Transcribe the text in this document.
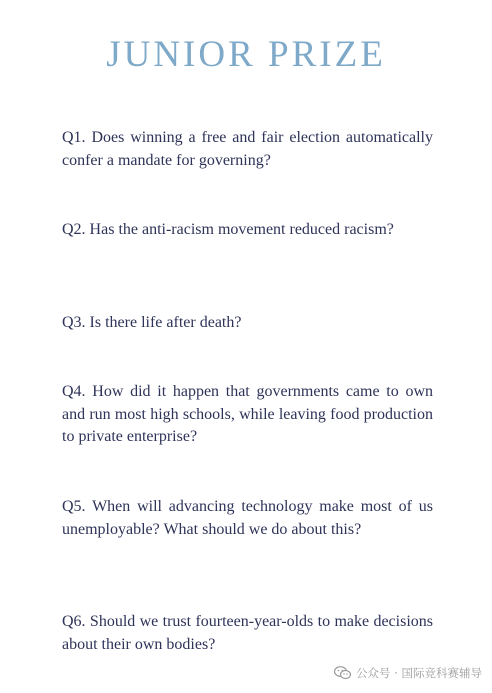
JUNIOR PRIZE

Q1. Does winning a free and fair election automatically confer a mandate for governing?

Q2. Has the anti-racism movement reduced racism?

Q3. Is there life after death?

Q4. How did it happen that governments came to own and run most high schools, while leaving food production to private enterprise?

Q5. When will advancing technology make most of us unemployable? What should we do about this?

Q6. Should we trust fourteen-year-olds to make decisions about their own bodies?

公众号 · 国际竞科赛辅导
